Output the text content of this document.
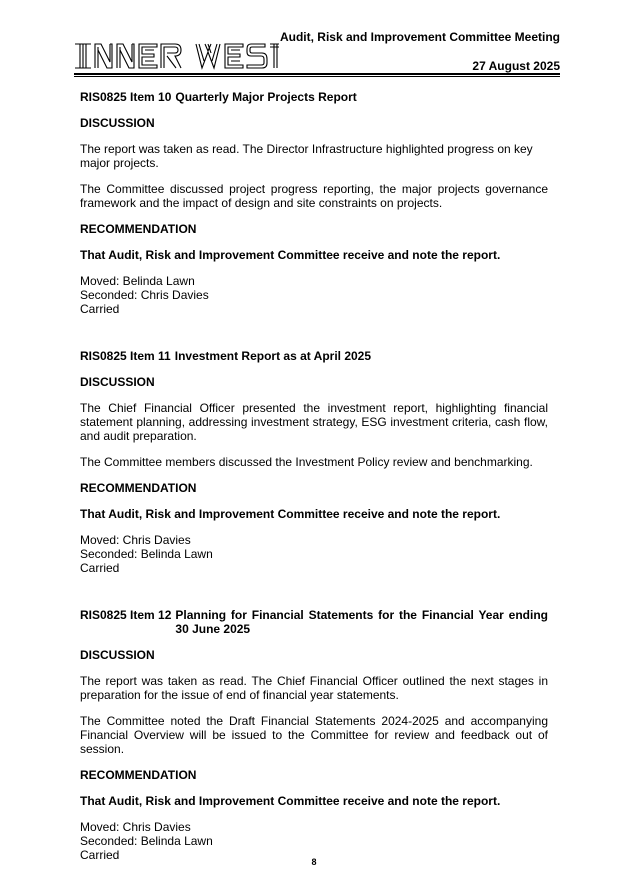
Audit, Risk and Improvement Committee Meeting
27 August 2025
RIS0825 Item 10 Quarterly Major Projects Report

DISCUSSION

The report was taken as read. The Director Infrastructure highlighted progress on key major projects.

The Committee discussed project progress reporting, the major projects governance framework and the impact of design and site constraints on projects.

RECOMMENDATION

That Audit, Risk and Improvement Committee receive and note the report.

Moved: Belinda Lawn

Seconded: Chris Davies

Carried

RIS0825 Item 11 Investment Report as at April 2025

DISCUSSION

The Chief Financial Officer presented the investment report, highlighting financial statement planning, addressing investment strategy, ESG investment criteria, cash flow, and audit preparation.

The Committee members discussed the Investment Policy review and benchmarking.

RECOMMENDATION

That Audit, Risk and Improvement Committee receive and note the report.

Moved: Chris Davies

Seconded: Belinda Lawn

Carried

RIS0825 Item 12 Planning for Financial Statements for the Financial Year ending 30 June 2025

DISCUSSION

The report was taken as read. The Chief Financial Officer outlined the next stages in preparation for the issue of end of financial year statements.

The Committee noted the Draft Financial Statements 2024-2025 and accompanying Financial Overview will be issued to the Committee for review and feedback out of session.

RECOMMENDATION

That Audit, Risk and Improvement Committee receive and note the report.

Moved: Chris Davies

Seconded: Belinda Lawn

Carried	8
